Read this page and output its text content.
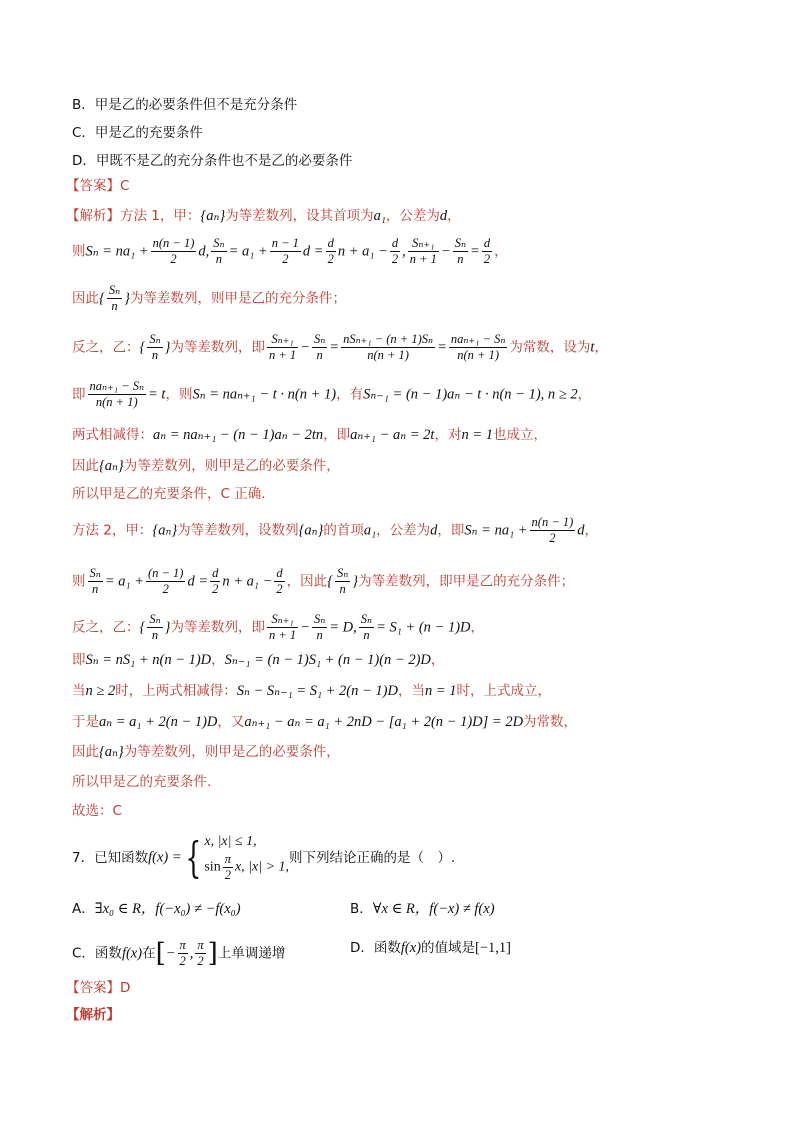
B．甲是乙的必要条件但不是充分条件
C．甲是乙的充要条件
D．甲既不是乙的充分条件也不是乙的必要条件
【答案】C
【解析】方法 1，甲：{aₙ}为等差数列，设其首项为a₁，公差为d，
则$S_n = na_1 + \frac{n(n - 1)}{2} d$, $\frac{\text{Sₙ}}{n} = a_1 + \frac{n - 1}{2}$ $d = \frac{d}{2}$ $n + a_1 - \frac{d}{2}$ , $\frac{\text{Sₙ₊₁}}{n + 1} - \frac{\text{Sₙ}}{n} = \frac{d}{2}$ ，
因此{ $\frac{\text{Sₙ}}{n}$ }为等差数列，则甲是乙的充分条件；
反之，乙：{ $\frac{\text{Sₙ}}{n}$ }为等差数列，即 $\frac{\text{Sₙ₊₁}}{n + 1} - \frac{\text{Sₙ}}{n} = \frac{\text{nSₙ₊₁ − (n + 1)Sₙ}}{n(n + 1)} = \frac{\text{naₙ₊₁ − Sₙ}}{n(n + 1)}$ 为常数，设为t，
即 $\frac{\text{naₙ₊₁ − Sₙ}}{n(n + 1)} = t$，则Sₙ = naₙ₊₁ − t · n(n + 1)，有Sₙ₋₁ = (n − 1)aₙ − t · n(n − 1), n ≥ 2，
两式相减得：aₙ = naₙ₊₁ − (n − 1)aₙ − 2tn，即aₙ₊₁ − aₙ = 2t，对n = 1也成立，
因此{aₙ}为等差数列，则甲是乙的必要条件，
所以甲是乙的充要条件，C 正确.
方法 2，甲：{aₙ}为等差数列，设数列{aₙ}的首项a₁，公差为d，即$S_n = na_1 + \frac{n(n - 1)}{2}$ d，
则 $\frac{\text{Sₙ}}{n} = a_1 + \frac{(n - 1)}{2}$ $d = \frac{d}{2}$ $n + a_1 - \frac{d}{2}$ ，因此{ $\frac{\text{Sₙ}}{n}$ }为等差数列，即甲是乙的充分条件；
反之，乙：{ $\frac{\text{Sₙ}}{n}$ }为等差数列，即 $\frac{\text{Sₙ₊₁}}{n + 1} - \frac{\text{Sₙ}}{n} = D$, $\frac{\text{Sₙ}}{n} = S_1 + (n - 1)D$，
即Sₙ = nS₁ + n(n − 1)D，Sₙ₋₁ = (n − 1)S₁ + (n − 1)(n − 2)D，
当n ≥ 2时，上两式相减得：Sₙ − Sₙ₋₁ = S₁ + 2(n − 1)D，当n = 1时，上式成立，
于是aₙ = a₁ + 2(n − 1)D，又aₙ₊₁ − aₙ = a₁ + 2nD − [a₁ + 2(n − 1)D] = 2D为常数，
因此{aₙ}为等差数列，则甲是乙的必要条件，
所以甲是乙的充要条件.
故选：C
7．已知函数f(x) ={ x, |x| ≤ 1,
$\sin \frac{\pi}{2} x$, |x| > 1,
则下列结论正确的是（　）.
A．∃x₀ ∈ R，f(−x₀) ≠ −f(x₀)	B．∀x ∈ R，f(−x) ≠ f(x)
C．函数f(x)在[− $\frac{\pi}{2}$ , $\frac{\pi}{2}$ ]上单调递增	D．函数f(x)的值域是[−1,1]
【答案】D
【解析】
